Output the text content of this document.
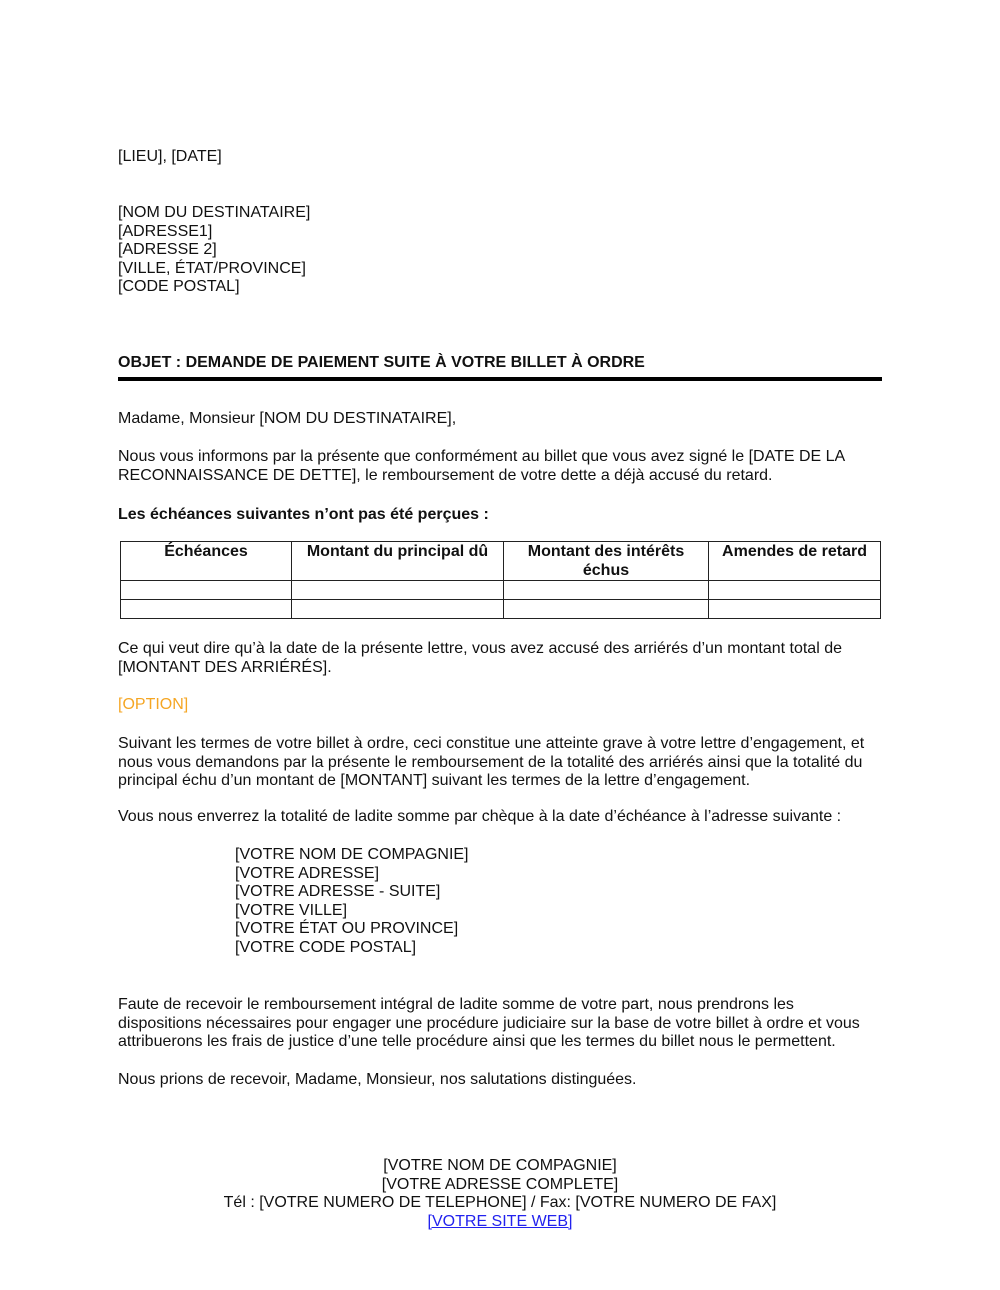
[LIEU], [DATE]
[NOM DU DESTINATAIRE]
[ADRESSE1]
[ADRESSE 2]
[VILLE, ÉTAT/PROVINCE]
[CODE POSTAL]
OBJET : DEMANDE DE PAIEMENT SUITE À VOTRE BILLET À ORDRE
Madame, Monsieur [NOM DU DESTINATAIRE],
Nous vous informons par la présente que conformément au billet que vous avez signé le [DATE DE LA
RECONNAISSANCE DE DETTE], le remboursement de votre dette a déjà accusé du retard.
Les échéances suivantes n’ont pas été perçues :
Échéances	Montant du principal dû	Montant des intérêts échus	Amendes de retard

Ce qui veut dire qu’à la date de la présente lettre, vous avez accusé des arriérés d’un montant total de
[MONTANT DES ARRIÉRÉS].
[OPTION]
Suivant les termes de votre billet à ordre, ceci constitue une atteinte grave à votre lettre d’engagement, et
nous vous demandons par la présente le remboursement de la totalité des arriérés ainsi que la totalité du
principal échu d’un montant de [MONTANT] suivant les termes de la lettre d’engagement.
Vous nous enverrez la totalité de ladite somme par chèque à la date d’échéance à l’adresse suivante :
[VOTRE NOM DE COMPAGNIE]
[VOTRE ADRESSE]
[VOTRE ADRESSE - SUITE]
[VOTRE VILLE]
[VOTRE ÉTAT OU PROVINCE]
[VOTRE CODE POSTAL]
Faute de recevoir le remboursement intégral de ladite somme de votre part, nous prendrons les
dispositions nécessaires pour engager une procédure judiciaire sur la base de votre billet à ordre et vous
attribuerons les frais de justice d’une telle procédure ainsi que les termes du billet nous le permettent.
Nous prions de recevoir, Madame, Monsieur, nos salutations distinguées.
[VOTRE NOM DE COMPAGNIE]
[VOTRE ADRESSE COMPLETE]
Tél : [VOTRE NUMERO DE TELEPHONE] / Fax: [VOTRE NUMERO DE FAX]
[VOTRE SITE WEB]
